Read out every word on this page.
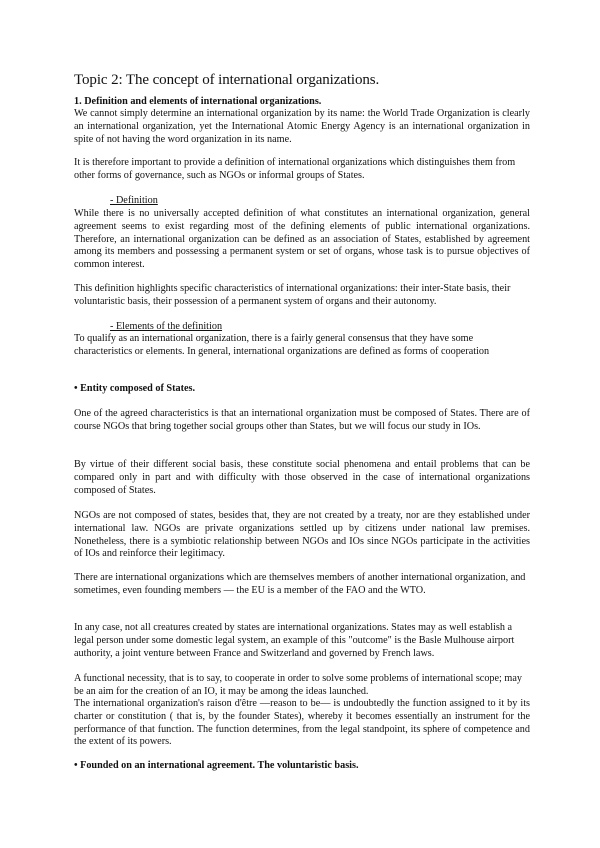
Topic 2: The concept of international organizations.

1. Definition and elements of international organizations.

We cannot simply determine an international organization by its name: the World Trade Organization is clearly an international organization, yet the International Atomic Energy Agency is an international organization in spite of not having the word organization in its name.

It is therefore important to provide a definition of international organizations which distinguishes them from other forms of governance, such as NGOs or informal groups of States.

- Definition

While there is no universally accepted definition of what constitutes an international organization, general agreement seems to exist regarding most of the defining elements of public international organizations. Therefore, an international organization can be defined as an association of States, established by agreement among its members and possessing a permanent system or set of organs, whose task is to pursue objectives of common interest.

This definition highlights specific characteristics of international organizations: their inter-State basis, their voluntaristic basis, their possession of a permanent system of organs and their autonomy.

- Elements of the definition

To qualify as an international organization, there is a fairly general consensus that they have some characteristics or elements. In general, international organizations are defined as forms of cooperation

• Entity composed of States.

One of the agreed characteristics is that an international organization must be composed of States. There are of course NGOs that bring together social groups other than States, but we will focus our study in IOs.

By virtue of their different social basis, these constitute social phenomena and entail problems that can be compared only in part and with difficulty with those observed in the case of international organizations composed of States.

NGOs are not composed of states, besides that, they are not created by a treaty, nor are they established under international law. NGOs are private organizations settled up by citizens under national law premises. Nonetheless, there is a symbiotic relationship between NGOs and IOs since NGOs participate in the activities of IOs and reinforce their legitimacy.

There are international organizations which are themselves members of another international organization, and sometimes, even founding members — the EU is a member of the FAO and the WTO.

In any case, not all creatures created by states are international organizations. States may as well establish a legal person under some domestic legal system, an example of this "outcome" is the Basle Mulhouse airport authority, a joint venture between France and Switzerland and governed by French laws.

A functional necessity, that is to say, to cooperate in order to solve some problems of international scope; may be an aim for the creation of an IO, it may be among the ideas launched.

The international organization's raison d'être —reason to be— is undoubtedly the function assigned to it by its charter or constitution ( that is, by the founder States), whereby it becomes essentially an instrument for the performance of that function. The function determines, from the legal standpoint, its sphere of competence and the extent of its powers.

• Founded on an international agreement. The voluntaristic basis.
